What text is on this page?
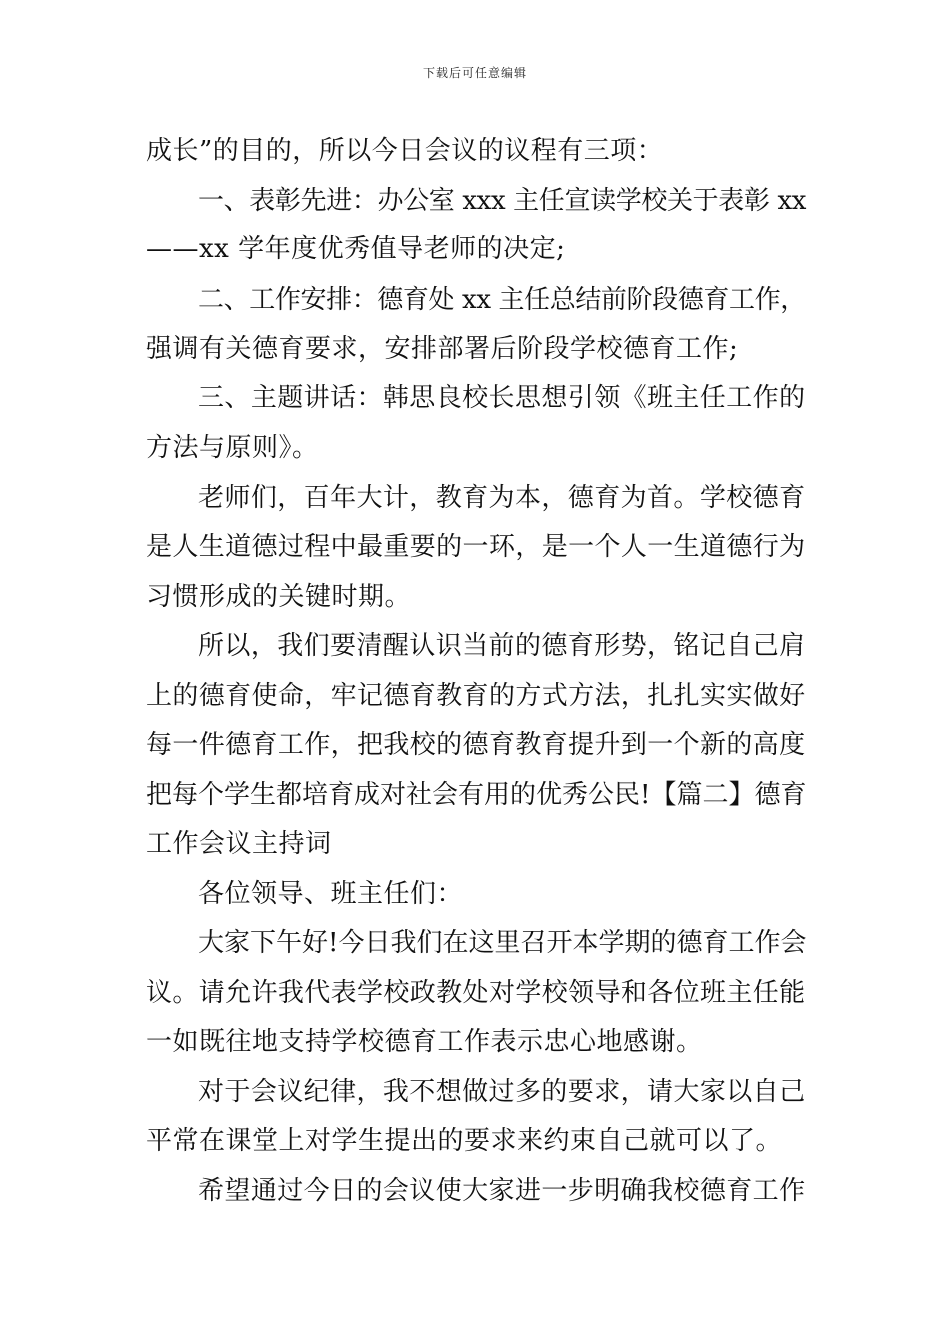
下载后可任意编辑
成长”的目的，所以今日会议的议程有三项：
一、表彰先进：办公室 xxx 主任宣读学校关于表彰 xx
——xx 学年度优秀值导老师的决定;
二、工作安排：德育处 xx 主任总结前阶段德育工作，
强调有关德育要求，安排部署后阶段学校德育工作;
三、主题讲话：韩思良校长思想引领《班主任工作的
方法与原则》。
老师们，百年大计，教育为本，德育为首。学校德育
是人生道德过程中最重要的一环，是一个人一生道德行为
习惯形成的关键时期。
所以，我们要清醒认识当前的德育形势，铭记自己肩
上的德育使命，牢记德育教育的方式方法，扎扎实实做好
每一件德育工作，把我校的德育教育提升到一个新的高度
把每个学生都培育成对社会有用的优秀公民!【篇二】德育
工作会议主持词
各位领导、班主任们：
大家下午好!今日我们在这里召开本学期的德育工作会
议。请允许我代表学校政教处对学校领导和各位班主任能
一如既往地支持学校德育工作表示忠心地感谢。
对于会议纪律，我不想做过多的要求，请大家以自己
平常在课堂上对学生提出的要求来约束自己就可以了。
希望通过今日的会议使大家进一步明确我校德育工作
